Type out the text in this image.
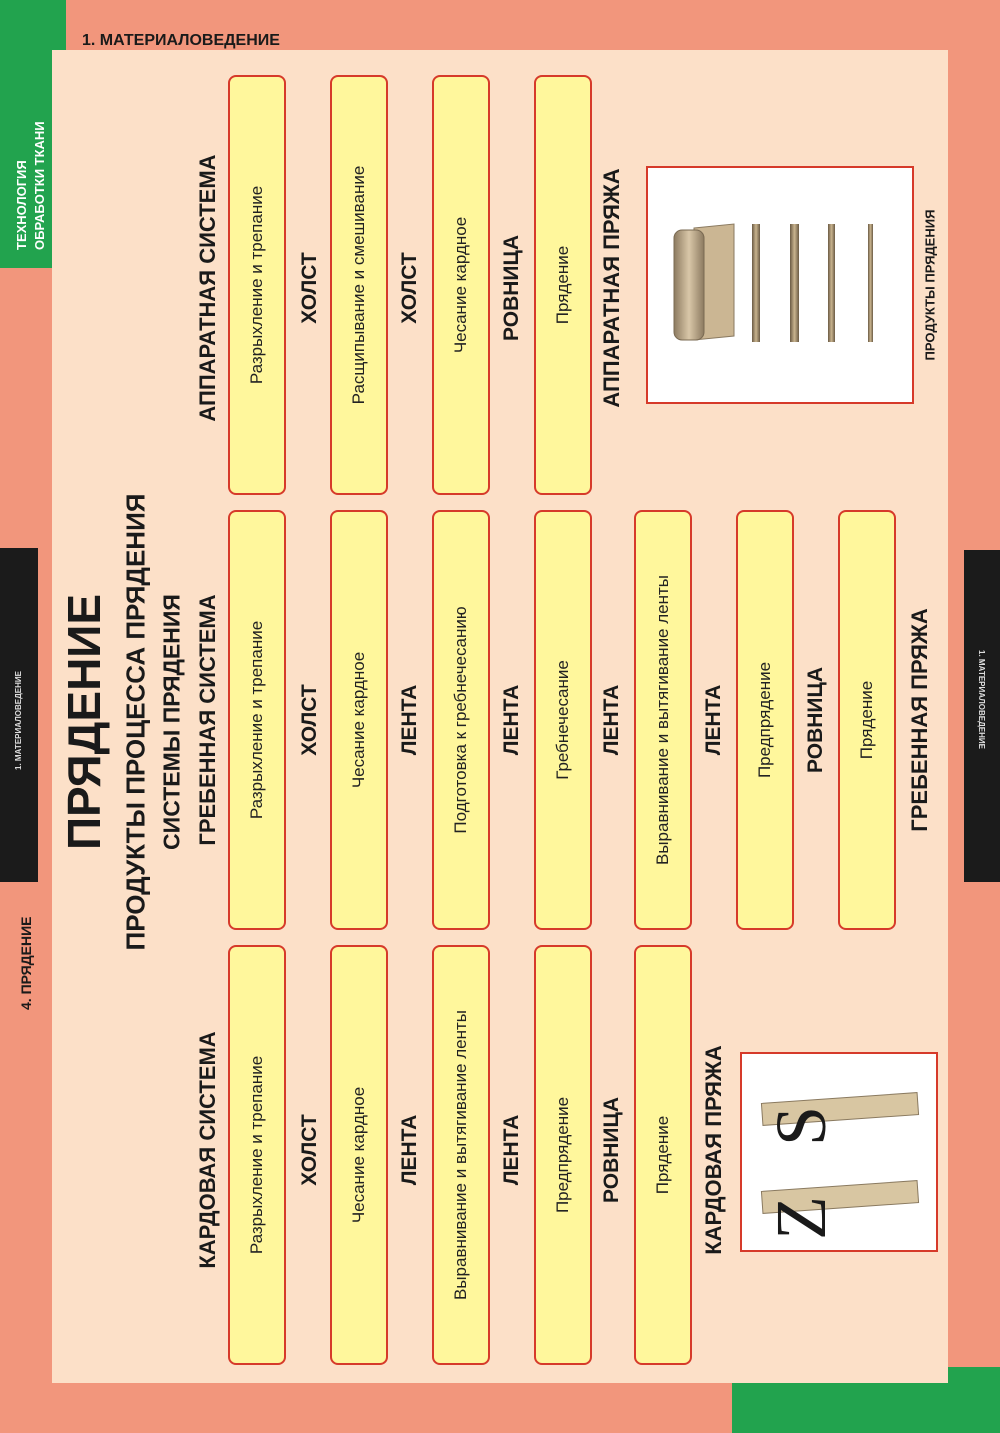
1. МАТЕРИАЛОВЕДЕНИЕ
ТЕХНОЛОГИЯ ОБРАБОТКИ ТКАНИ
1. МАТЕРИАЛОВЕДЕНИЕ	1. МАТЕРИАЛОВЕДЕНИЕ
4. ПРЯДЕНИЕ
ПРЯДЕНИЕ ПРОДУКТЫ ПРОЦЕССА ПРЯДЕНИЯ СИСТЕМЫ ПРЯДЕНИЯ
АППАРАТНАЯ СИСТЕМА Разрыхление и трепание ХОЛСТ Расщипывание и смешивание ХОЛСТ Чесание кардное РОВНИЦА Прядение АППАРАТНАЯ ПРЯЖА	ПРОДУКТЫ ПРЯДЕНИЯ
ГРЕБЕННАЯ СИСТЕМА Разрыхление и трепание ХОЛСТ Чесание кардное ЛЕНТА Подготовка к гребнечесанию ЛЕНТА Гребнечесание ЛЕНТА Выравнивание и вытягивание ленты ЛЕНТА Предпрядение РОВНИЦА Прядение ГРЕБЕННАЯ ПРЯЖА
КАРДОВАЯ СИСТЕМА Разрыхление и трепание ХОЛСТ Чесание кардное ЛЕНТА Выравнивание и вытягивание ленты ЛЕНТА Предпрядение РОВНИЦА Прядение КАРДОВАЯ ПРЯЖА Z
S
